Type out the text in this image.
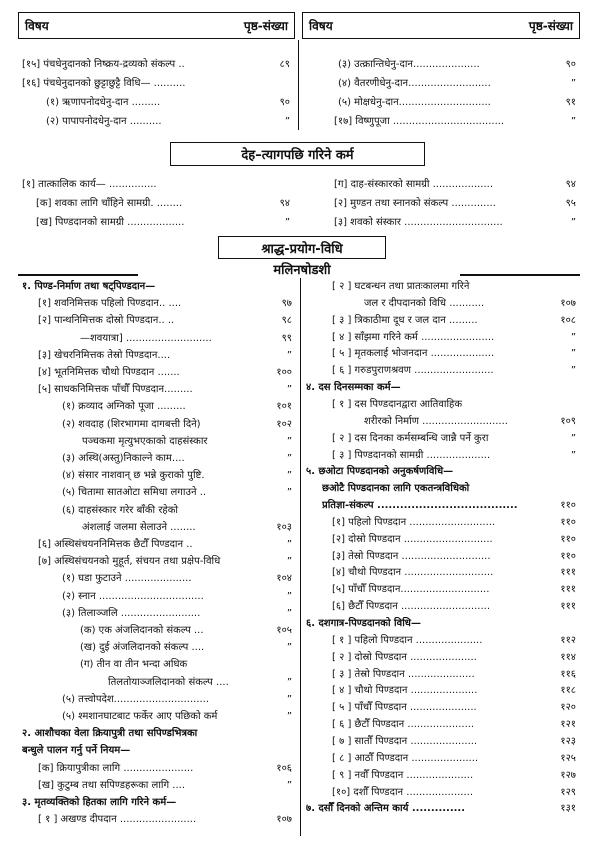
विषय	पृष्ठ-संख्या विषय	पृष्ठ-संख्या
देह–त्यागपछि गरिने कर्म
श्राद्ध-प्रयोग-विधि
मलिनषोडशी
[१५] पंचधेनुदानको निष्क्रय-द्रव्यको संकल्प ..	८९
[१६] पंचधेनुदानको छुट्टाछुट्टै विधि— ..........
(१) ऋणापनोदधेनु-दान .........	९०
(२) पापापनोदधेनु-दान ..........	”
(३) उत्क्रान्तिधेनु-दान.....................	९०
(४) वैतरणीधेनु-दान..........................	”
(५) मोक्षधेनु-दान.............................	९१
[१७] विष्णुपूजा ...................................	”
[१] तात्कालिक कार्य— ...............
[क] शवका लागि चाँहिने सामग्री. ........	९४
[ख] पिण्डदानको सामग्री ..................	”
[ग] दाह-संस्कारको सामग्री ...................	९४
[२] मुण्डन तथा स्नानको संकल्प ..............	९५
[३] शवको संस्कार ...............................	”
१. पिण्ड-निर्माण तथा षट्पिण्डदान—
[१] शवनिमित्तक पहिलो पिण्डदान.. ....	९७
[२] पान्थनिमित्तक दोस्रो पिण्डदान.. ..	९८
—शवयात्रा] ...........................	९९
[३] खेचरनिमित्तक तेस्रो पिण्डदान....	”
[४] भूतनिमित्तक चौथो पिण्डदान .......	१००
[५] साधकनिमित्तक पाँचौँ पिण्डदान.........	”
(१) क्रव्याद अग्निको पूजा .........	१०१
(२) शवदाह (शिरभागमा दागबत्ती दिने)	१०२
पञ्चकमा मृत्युभएकाको दाहसंस्कार	”
(३) अस्थि(अस्तु)निकाल्ने काम....	”
(४) संसार नाशवान् छ भन्ने कुराको पुष्टि.	”
(५) चितामा सातओटा समिधा लगाउने ..	”
(६) दाहसंस्कार गरेर बाँकी रहेको
अंशलाई जलमा सेलाउने ........	१०३
[६] अस्थिसंचयननिमित्तक छैटौँ पिण्डदान ..	”
[७] अस्थिसंचयनको मुहूर्त, संचयन तथा प्रक्षेप-विधि	”
(१) घडा फुटाउने .....................	१०४
(२) स्नान .................................	”
(३) तिलाञ्जलि .........................	”
(क) एक अंजलिदानको संकल्प ...	१०५
(ख) दुई अंजलिदानको संकल्प ....	”
(ग) तीन वा तीन भन्दा अधिक
तिलतोयाञ्जलिदानको संकल्प ....	”
(५) तत्त्वोपदेश..............................	”
(५) श्मशानघाटबाट फर्केर आए पछिको कर्म	”
२. आशौचका वेला क्रियापुत्री तथा सपिण्डभित्रका
बन्धुले पालन गर्नु पर्ने नियम—
[क] क्रियापुत्रीका लागि ......................	१०६
[ख] कुटुम्ब तथा सपिण्डहरूका लागि ....	”
३. मृतव्यक्तिको हितका लागि गरिने कर्म—
[ १ ] अखण्ड दीपदान ........................	१०७
[ २ ] घटबन्धन तथा प्रातःकालमा गरिने
जल र दीपदानको विधि ...........	१०७
[ ३ ] त्रिकाठीमा दूध र जल दान .........	१०८
[ ४ ] साँझमा गरिने कर्म .......................	”
[ ५ ] मृतकलाई भोजनदान ....................	”
[ ६ ] गरुडपुराणश्रवण .........................	”
४. दस दिनसम्मका कर्म—
[ १ ] दस पिण्डदानद्वारा आतिवाहिक
शरीरको निर्माण ...........................	१०९
[ २ ] दस दिनका कर्मसम्बन्धि जान्नै पर्ने कुरा	”
[ ३ ] पिण्डदानको सामग्री ....................	”
५. छओटा पिण्डदानको अनुकर्षणविधि—
छओटै पिण्डदानका लागि एकतन्त्रविधिको
प्रतिज्ञा-संकल्प .....................................	११०
[१] पहिलो पिण्डदान ...........................	११०
[२] दोस्रो पिण्डदान ............................	११०
[३] तेस्रो पिण्डदान ............................	११०
[४] चौथो पिण्डदान ............................	१११
[५] पाँचौँ पिण्डदान............................	१११
[६] छैटौँ पिण्डदान ............................	१११
६. दशगात्र-पिण्डदानको विधि—
[ १ ] पहिलो पिण्डदान .....................	११२
[ २ ] दोस्रो पिण्डदान .....................	११४
[ ३ ] तेस्रो पिण्डदान .....................	११६
[ ४ ] चौथो पिण्डदान .....................	११८
[ ५ ] पाँचौँ पिण्डदान .....................	१२०
[ ६ ] छैटौँ पिण्डदान .....................	१२१
[ ७ ] सातौँ पिण्डदान .....................	१२३
[ ८ ] आठौँ पिण्डदान .....................	१२५
[ ९ ] नवौँ पिण्डदान .....................	१२७
[१०] दशौँ पिण्डदान .....................	१२९
७. दसौँ दिनको अन्तिम कार्य ..............	१३१
